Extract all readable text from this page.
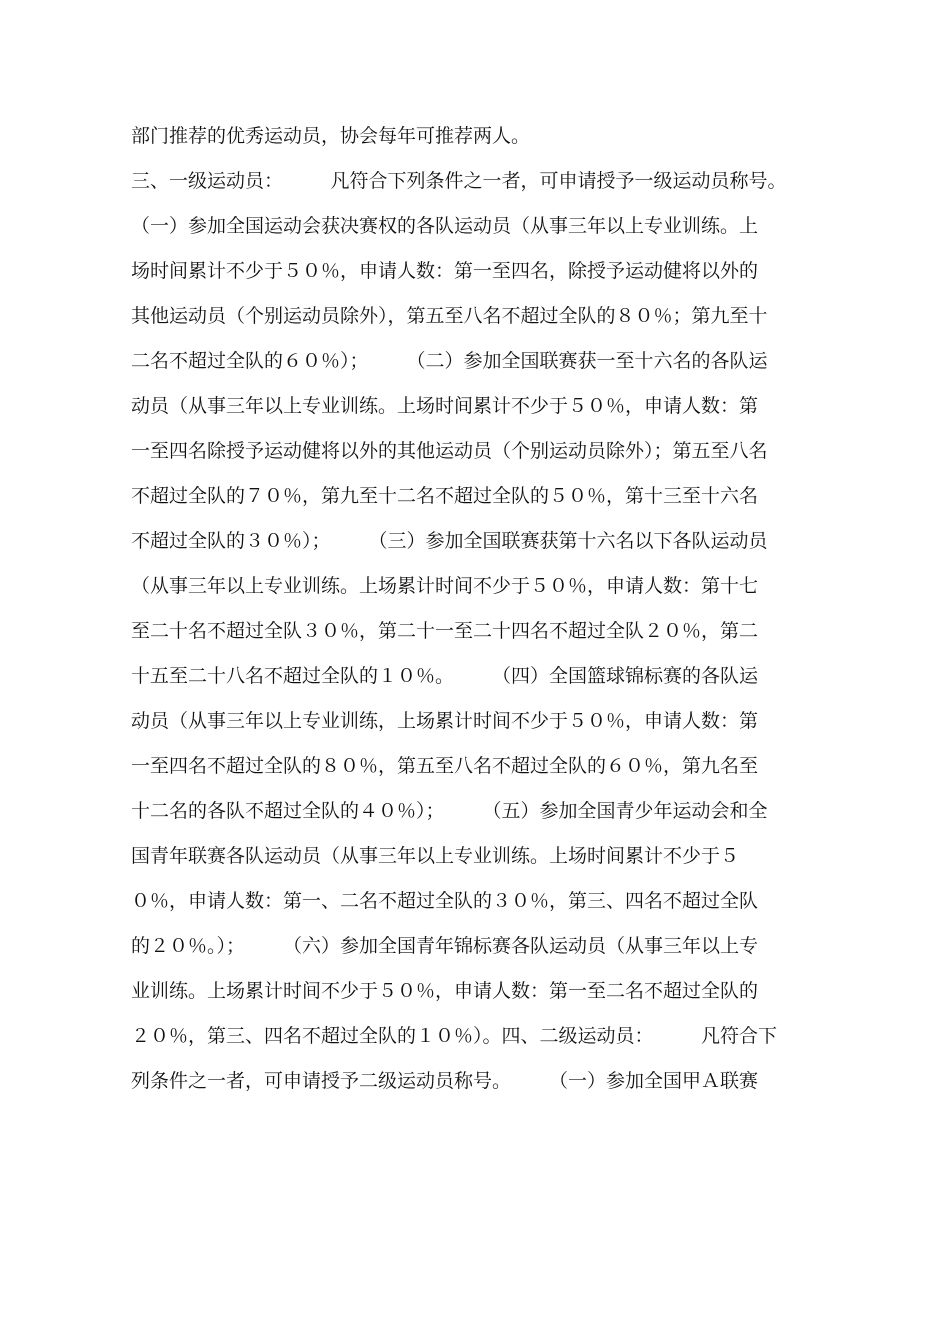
部门推荐的优秀运动员，协会每年可推荐两人。
三、一级运动员：　　　凡符合下列条件之一者，可申请授予一级运动员称号。
（一）参加全国运动会获决赛权的各队运动员（从事三年以上专业训练。上
场时间累计不少于５０％，申请人数：第一至四名，除授予运动健将以外的
其他运动员（个别运动员除外），第五至八名不超过全队的８０％；第九至十
二名不超过全队的６０％）；　　　（二）参加全国联赛获一至十六名的各队运
动员（从事三年以上专业训练。上场时间累计不少于５０％，申请人数：第
一至四名除授予运动健将以外的其他运动员（个别运动员除外）；第五至八名
不超过全队的７０％，第九至十二名不超过全队的５０％，第十三至十六名
不超过全队的３０％）；　　　（三）参加全国联赛获第十六名以下各队运动员
（从事三年以上专业训练。上场累计时间不少于５０％，申请人数：第十七
至二十名不超过全队３０％，第二十一至二十四名不超过全队２０％，第二
十五至二十八名不超过全队的１０％。　　　（四）全国篮球锦标赛的各队运
动员（从事三年以上专业训练，上场累计时间不少于５０％，申请人数：第
一至四名不超过全队的８０％，第五至八名不超过全队的６０％，第九名至
十二名的各队不超过全队的４０％）；　　　（五）参加全国青少年运动会和全
国青年联赛各队运动员（从事三年以上专业训练。上场时间累计不少于５
０％，申请人数：第一、二名不超过全队的３０％，第三、四名不超过全队
的２０％。）；　　　（六）参加全国青年锦标赛各队运动员（从事三年以上专
业训练。上场累计时间不少于５０％，申请人数：第一至二名不超过全队的
２０％，第三、四名不超过全队的１０％）。四、二级运动员：　　　凡符合下
列条件之一者，可申请授予二级运动员称号。　　　（一）参加全国甲Ａ联赛
